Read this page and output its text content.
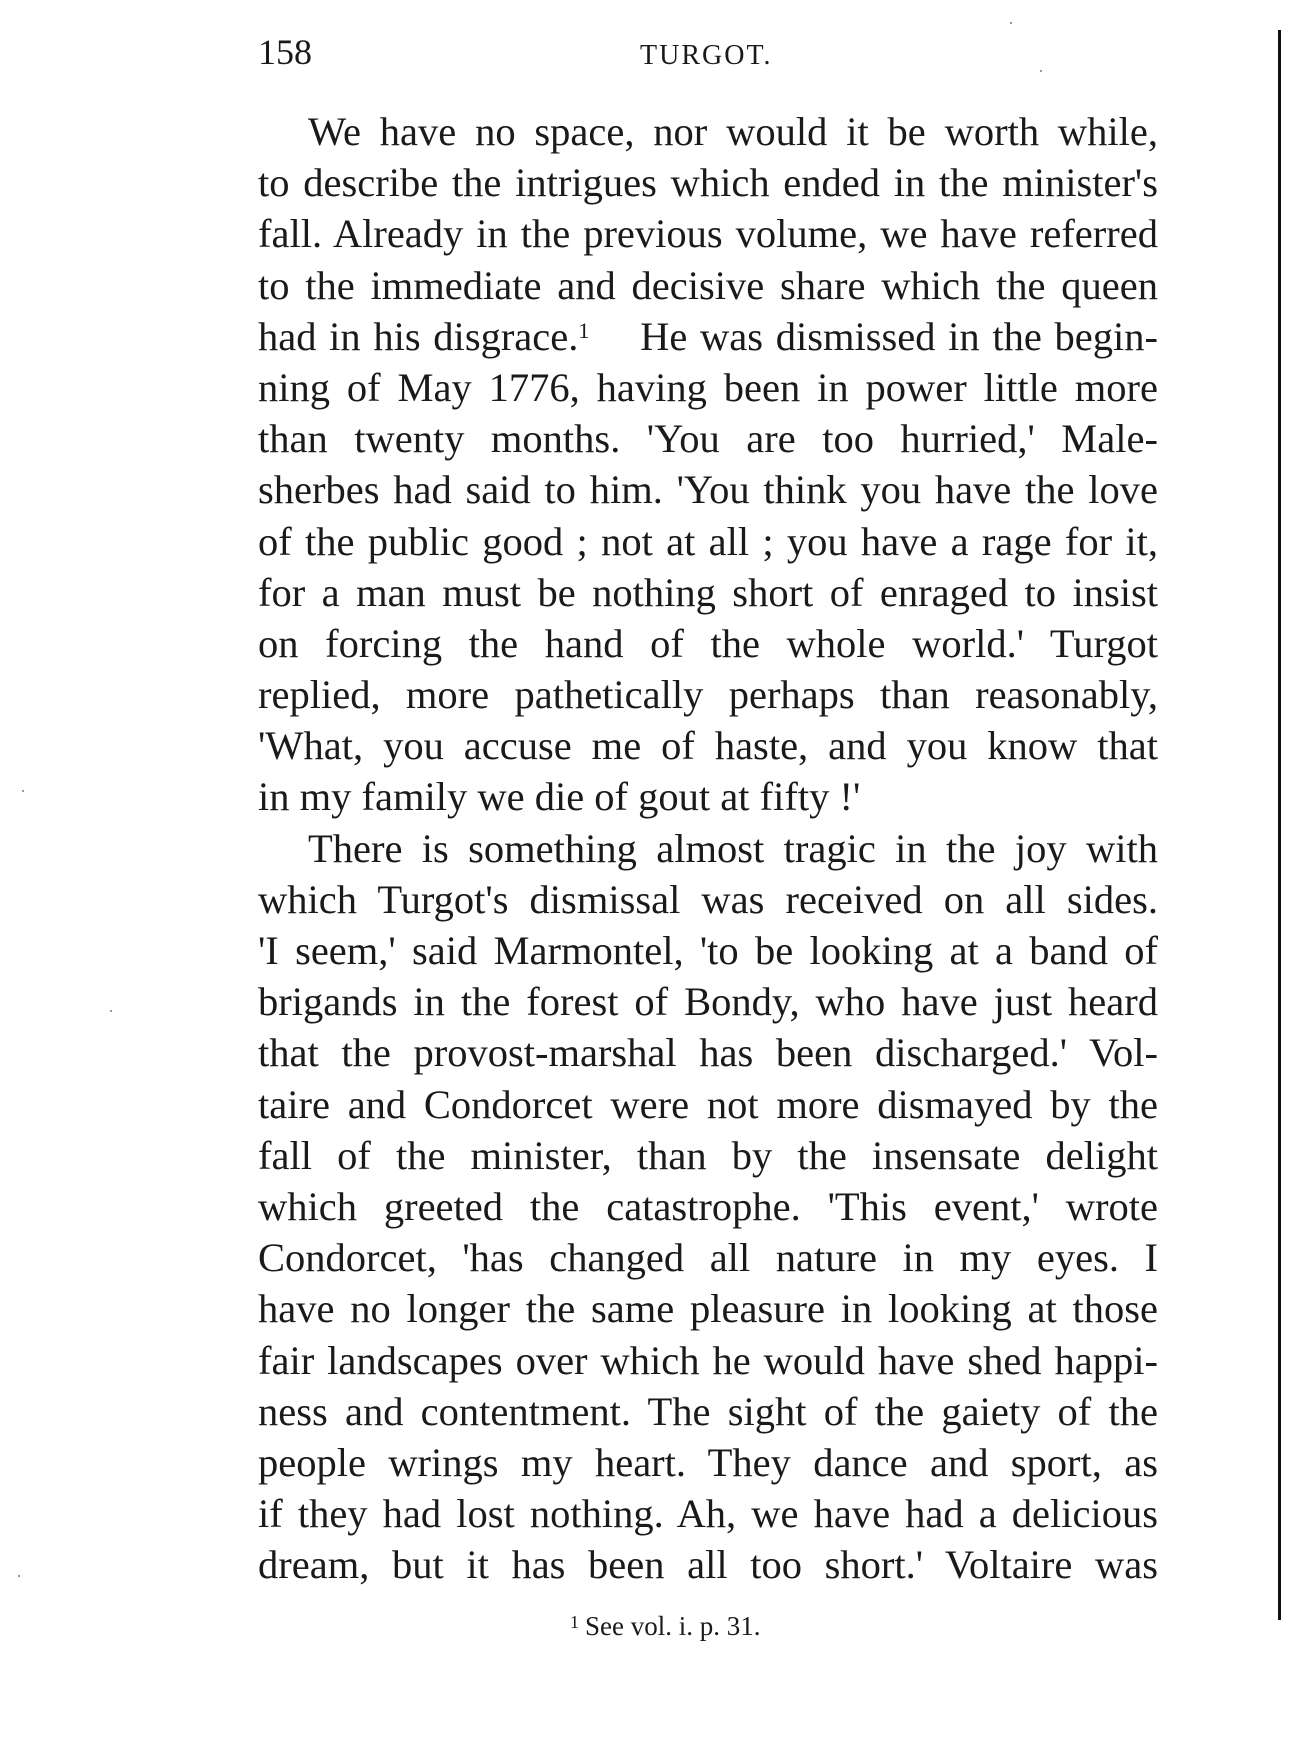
158	TURGOT.
We have no space, nor would it be worth while,
to describe the intrigues which ended in the minister's
fall. Already in the previous volume, we have referred
to the immediate and decisive share which the queen
had in his disgrace.$^1$ He was dismissed in the begin-
ning of May 1776, having been in power little more
than twenty months. 'You are too hurried,' Male-
sherbes had said to him. 'You think you have the love
of the public good ; not at all ; you have a rage for it,
for a man must be nothing short of enraged to insist
on forcing the hand of the whole world.' Turgot
replied, more pathetically perhaps than reasonably,
'What, you accuse me of haste, and you know that
in my family we die of gout at fifty !'
There is something almost tragic in the joy with
which Turgot's dismissal was received on all sides.
'I seem,' said Marmontel, 'to be looking at a band of
brigands in the forest of Bondy, who have just heard
that the provost-marshal has been discharged.' Vol-
taire and Condorcet were not more dismayed by the
fall of the minister, than by the insensate delight
which greeted the catastrophe. 'This event,' wrote
Condorcet, 'has changed all nature in my eyes. I
have no longer the same pleasure in looking at those
fair landscapes over which he would have shed happi-
ness and contentment. The sight of the gaiety of the
people wrings my heart. They dance and sport, as
if they had lost nothing. Ah, we have had a delicious
dream, but it has been all too short.' Voltaire was
$^1$ See vol. i. p. 31.
